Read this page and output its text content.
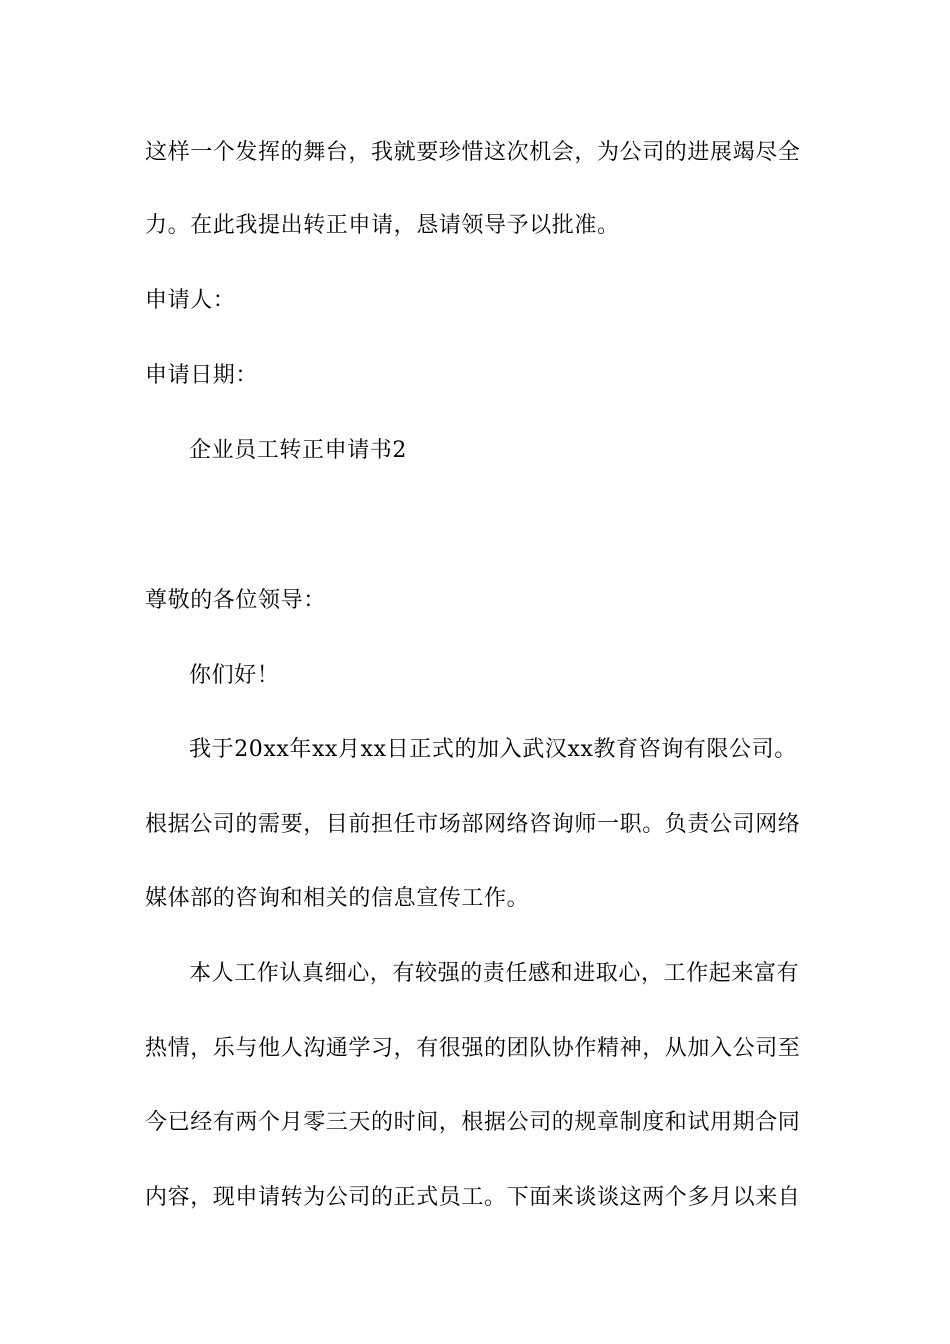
这样一个发挥的舞台，我就要珍惜这次机会，为公司的进展竭尽全
力。在此我提出转正申请，恳请领导予以批准。
申请人：
申请日期：
企业员工转正申请书2
尊敬的各位领导：
你们好！
我于20xx年xx月xx日正式的加入武汉xx教育咨询有限公司。
根据公司的需要，目前担任市场部网络咨询师一职。负责公司网络
媒体部的咨询和相关的信息宣传工作。
本人工作认真细心，有较强的责任感和进取心，工作起来富有
热情，乐与他人沟通学习，有很强的团队协作精神，从加入公司至
今已经有两个月零三天的时间，根据公司的规章制度和试用期合同
内容，现申请转为公司的正式员工。下面来谈谈这两个多月以来自
